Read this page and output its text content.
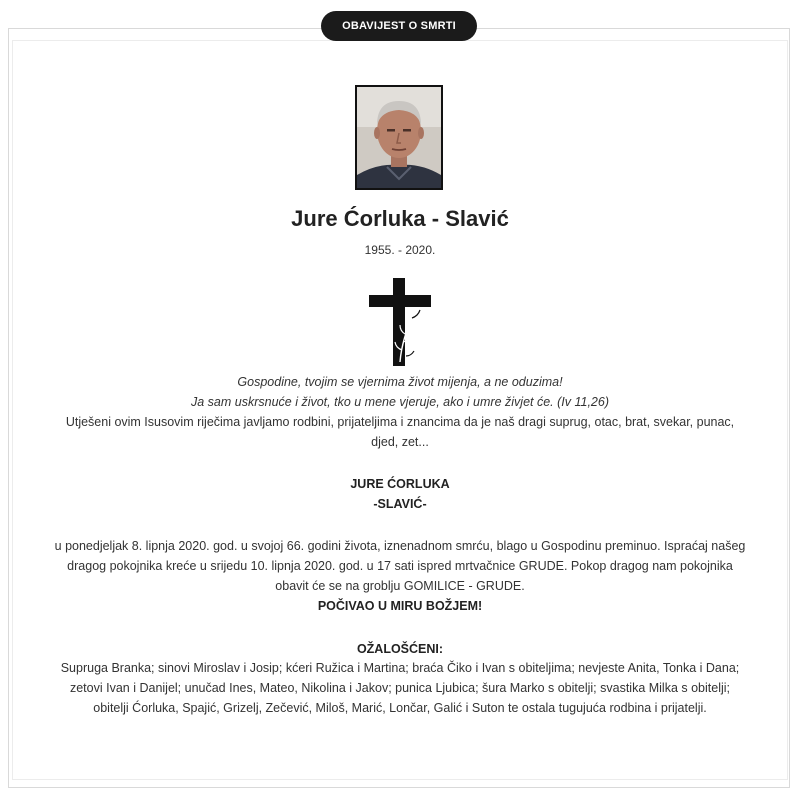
OBAVIJEST O SMRTI
Jure Ćorluka - Slavić
1955. - 2020.
Gospodine, tvojim se vjernima život mijenja, a ne oduzima!
Ja sam uskrsnuće i život, tko u mene vjeruje, ako i umre živjet će. (Iv 11,26)
Utješeni ovim Isusovim riječima javljamo rodbini, prijateljima i znancima da je naš dragi suprug, otac, brat, svekar, punac, djed, zet...
JURE ĆORLUKA
-SLAVIĆ-
u ponedjeljak 8. lipnja 2020. god. u svojoj 66. godini života, iznenadnom smrću, blago u Gospodinu preminuo. Ispraćaj našeg dragog pokojnika kreće u srijedu 10. lipnja 2020. god. u 17 sati ispred mrtvačnice GRUDE. Pokop dragog nam pokojnika obavit će se na groblju GOMILICE - GRUDE.
POČIVAO U MIRU BOŽJEM!
OŽALOŠĆENI:
Supruga Branka; sinovi Miroslav i Josip; kćeri Ružica i Martina; braća Čiko i Ivan s obiteljima; nevjeste Anita, Tonka i Dana; zetovi Ivan i Danijel; unučad Ines, Mateo, Nikolina i Jakov; punica Ljubica; šura Marko s obitelji; svastika Milka s obitelji; obitelji Ćorluka, Spajić, Grizelj, Zečević, Miloš, Marić, Lončar, Galić i Suton te ostala tugujuća rodbina i prijatelji.
